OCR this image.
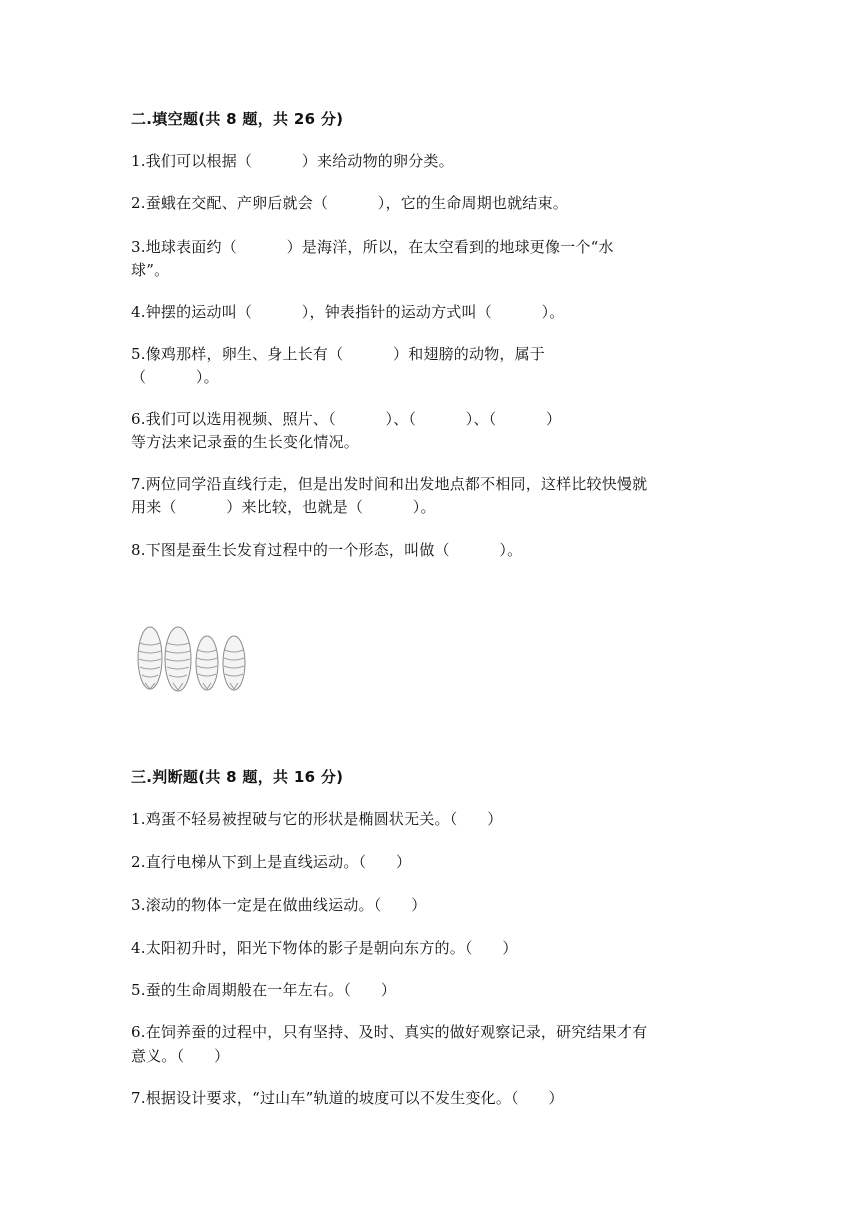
二.填空题(共 8 题，共 26 分)
1.我们可以根据（          ）来给动物的卵分类。
2.蚕蛾在交配、产卵后就会（          ），它的生命周期也就结束。
3.地球表面约（          ）是海洋，所以，在太空看到的地球更像一个“水
球”。
4.钟摆的运动叫（          ），钟表指针的运动方式叫（          ）。
5.像鸡那样，卵生、身上长有（          ）和翅膀的动物，属于
（          ）。
6.我们可以选用视频、照片、（          ）、（          ）、（          ）
等方法来记录蚕的生长变化情况。
7.两位同学沿直线行走，但是出发时间和出发地点都不相同，这样比较快慢就
用来（          ）来比较，也就是（          ）。
8.下图是蚕生长发育过程中的一个形态，叫做（          ）。
三.判断题(共 8 题，共 16 分)
1.鸡蛋不轻易被捏破与它的形状是椭圆状无关。（      ）
2.直行电梯从下到上是直线运动。（      ）
3.滚动的物体一定是在做曲线运动。（      ）
4.太阳初升时，阳光下物体的影子是朝向东方的。（      ）
5.蚕的生命周期般在一年左右。（      ）
6.在饲养蚕的过程中，只有坚持、及时、真实的做好观察记录，研究结果才有
意义。（      ）
7.根据设计要求，“过山车”轨道的坡度可以不发生变化。（      ）
